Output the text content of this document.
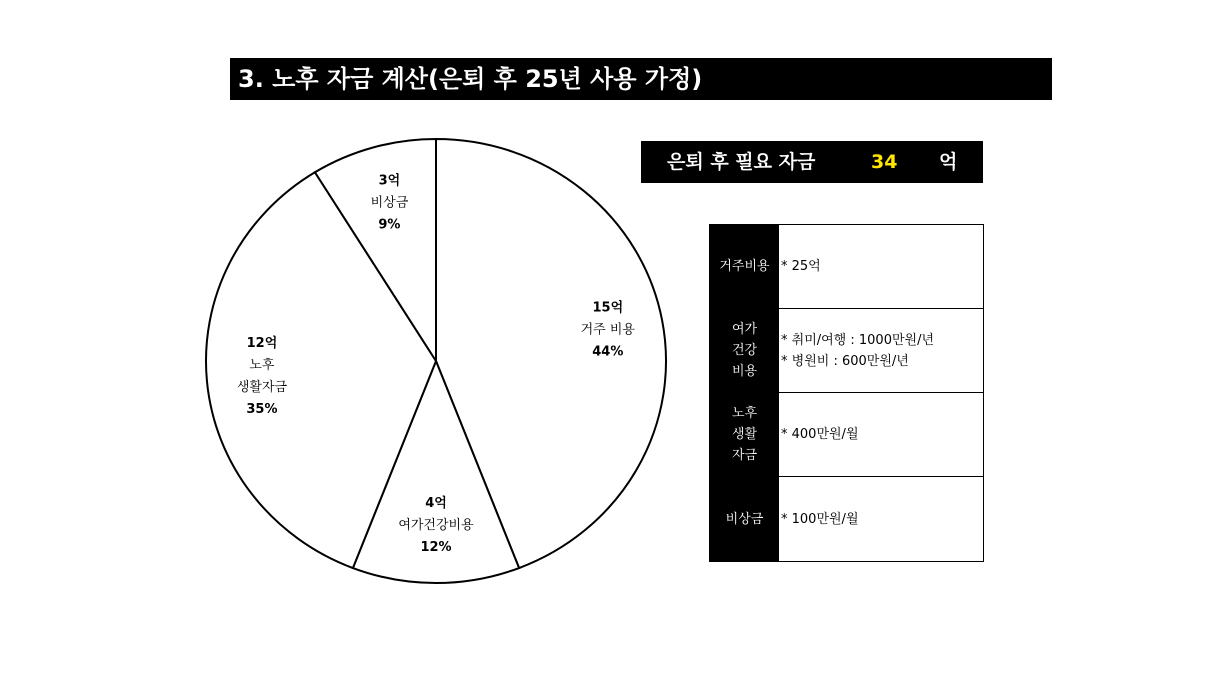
3. 노후 자금 계산(은퇴 후 25년 사용 가정)
15억
거주 비용
44%
4억
여가건강비용
12%
12억
노후
생활자금
35%
3억
비상금
9%
은퇴 후 필요 자금	34 억
거주비용 * 25억
여가
건강
비용
* 취미/여행 : 1000만원/년
* 병원비 : 600만원/년
노후
생활
자금
* 400만원/월
비상금	* 100만원/월
